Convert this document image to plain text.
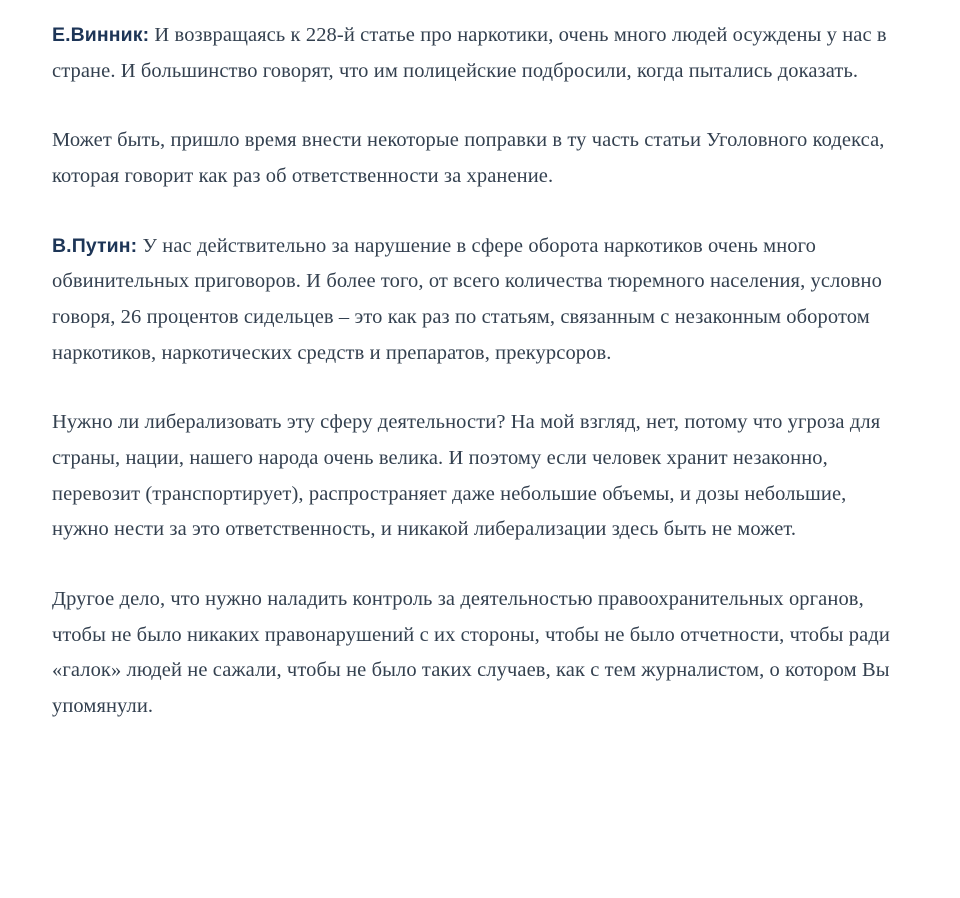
Е.Винник: И возвращаясь к 228-й статье про наркотики, очень много людей осуждены у нас в стране. И большинство говорят, что им полицейские подбросили, когда пытались доказать.

Может быть, пришло время внести некоторые поправки в ту часть статьи Уголовного кодекса, которая говорит как раз об ответственности за хранение.

В.Путин: У нас действительно за нарушение в сфере оборота наркотиков очень много обвинительных приговоров. И более того, от всего количества тюремного населения, условно говоря, 26 процентов сидельцев – это как раз по статьям, связанным с незаконным оборотом наркотиков, наркотических средств и препаратов, прекурсоров.

Нужно ли либерализовать эту сферу деятельности? На мой взгляд, нет, потому что угроза для страны, нации, нашего народа очень велика. И поэтому если человек хранит незаконно, перевозит (транспортирует), распространяет даже небольшие объемы, и дозы небольшие, нужно нести за это ответственность, и никакой либерализации здесь быть не может.

Другое дело, что нужно наладить контроль за деятельностью правоохранительных органов, чтобы не было никаких правонарушений с их стороны, чтобы не было отчетности, чтобы ради «галок» людей не сажали, чтобы не было таких случаев, как с тем журналистом, о котором Вы упомянули.
